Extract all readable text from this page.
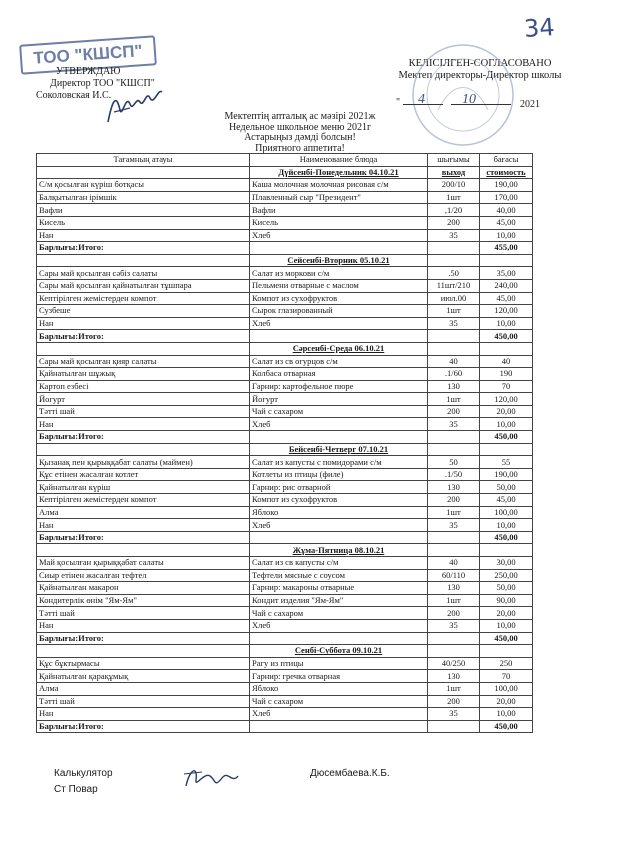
34
ТОО "КШСП"
УТВЕРЖДАЮ
Директор ТОО "КШСП"
Соколовская И.С.
КЕЛІСІЛГЕН-СОГЛАСОВАНО
Мектеп директоры-Директор школы
" 4	10	2021
Мектептің апталық ас мәзірі 2021ж
Недельное школьное меню 2021г
Астарыңыз дәмді болсын!
Приятного аппетита!
Тағамның атауы	Наименование блюда	шығымы	бағасы
	Дүйсенбі-Понедельник 04.10.21	выход	стоимость
С/м қосылған күріш ботқасы	Каша молочная молочная рисовая с/м	200/10	190,00
Балқытылған ірімшік	Плавленный сыр "Президент"	1шт	170,00
Вафли	Вафли	,1/20	40,00
Кисель	Кисель	200	45,00
Нан	Хлеб	35	10,00
Барлығы:Итого:			455,00
	Сейсенбі-Вторник 05.10.21		
Сары май қосылған сәбіз салаты	Салат из моркови с/м	.50	35,00
Сары май қосылған қайнатылған тұшпара	Пельмени отварные с маслом	11шт/210	240,00
Кептірілген жемістерден компот	Компот из сухофруктов	июл.00	45,00
Сузбеше	Сырок глазированный	1шт	120,00
Нан	Хлеб	35	10,00
Барлығы:Итого:			450,00
	Сәрсенбі-Среда 06.10.21		
Сары май қосылған қияр салаты	Салат из св огурцов с/м	40	40
Қайнатылған шұжық	Колбаса отварная	.1/60	190
Картоп езбесі	Гарнир: картофельное пюре	130	70
Йогурт	Йогурт	1шт	120,00
Тәтті шай	Чай с сахаром	200	20,00
Нан	Хлеб	35	10,00
Барлығы:Итого:			450,00
	Бейсенбі-Четверг 07.10.21		
Қызанақ пен қырыққабат салаты (маймен)	Салат из капусты с помидорами с/м	50	55
Құс етінен жасалған котлет	Котлеты из птицы (филе)	.1/50	190,00
Қайнатылған күріш	Гарнир: рис отварной	130	50,00
Кептірілген жемістерден компот	Компот из сухофруктов	200	45,00
Алма	Яблоко	1шт	100,00
Нан	Хлеб	35	10,00
Барлығы:Итого:			450,00
	Жұма-Пятница 08.10.21		
Май қосылған қырыққабат салаты	Салат из св капусты с/м	40	30,00
Сиыр етінен жасалған тефтел	Тефтели мясные с соусом	60/110	250,00
Қайнатылған макарон	Гарнир: макароны отварные	130	50,00
Кондитерлік өнім "Ям-Ям"	Кондит изделия "Ям-Ям"	1шт	90,00
Тәтті шай	Чай с сахаром	200	20,00
Нан	Хлеб	35	10,00
Барлығы:Итого:			450,00
	Сенбі-Суббота 09.10.21		
Құс бұктырмасы	Рагу из птицы	40/250	250
Қайнатылған қарақұмық	Гарнир: гречка отварная	130	70
Алма	Яблоко	1шт	100,00
Тәтті шай	Чай с сахаром	200	20,00
Нан	Хлеб	35	10,00
Барлығы:Итого:			450,00
Калькулятор
Ст Повар
Дюсембаева.К.Б.
